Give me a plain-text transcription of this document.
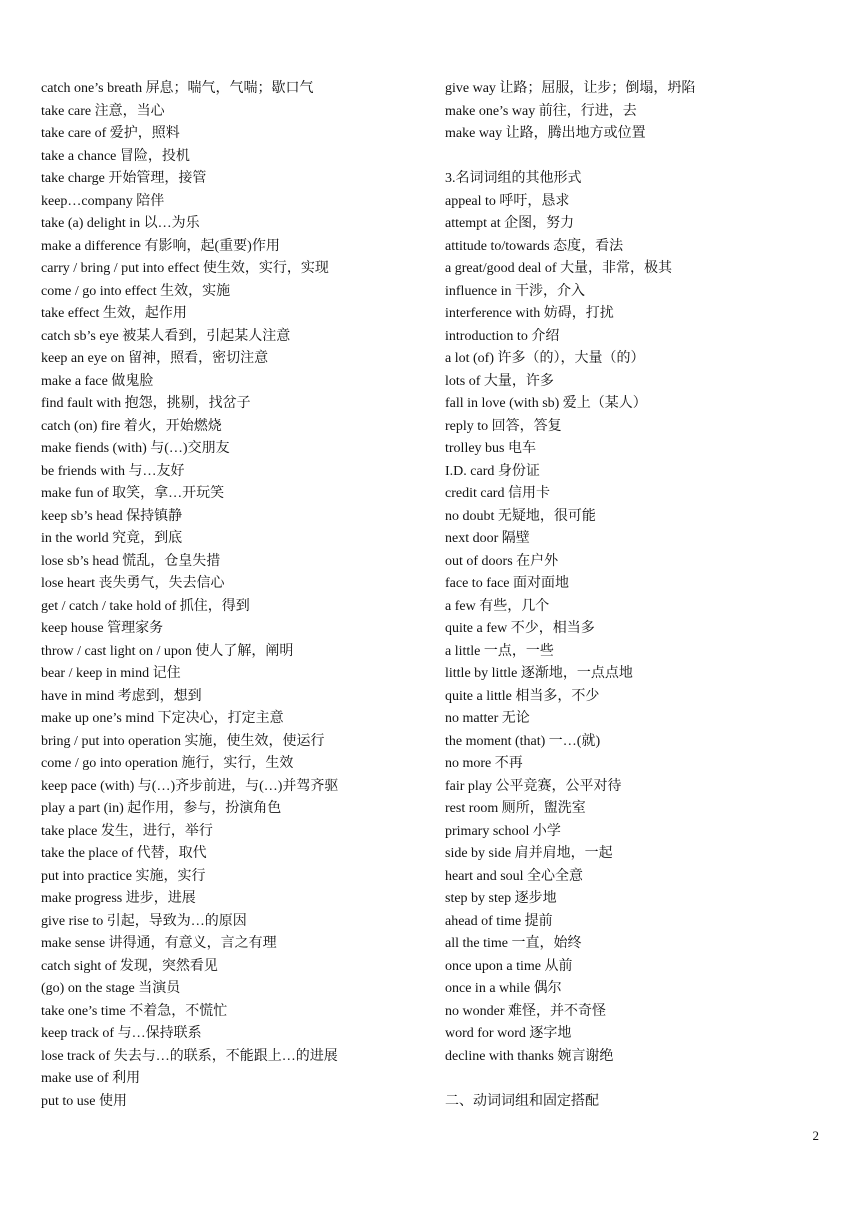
catch one’s breath 屏息；喘气，气喘；歇口气
take care 注意，当心
take care of 爱护，照料
take a chance 冒险，投机
take charge 开始管理，接管
keep…company 陪伴
take (a) delight in 以…为乐
make a difference 有影响，起(重要)作用
carry / bring / put into effect 使生效，实行，实现
come / go into effect 生效，实施
take effect 生效，起作用
catch sb’s eye 被某人看到，引起某人注意
keep an eye on 留神，照看，密切注意
make a face 做鬼脸
find fault with 抱怨，挑剔，找岔子
catch (on) fire 着火，开始燃烧
make fiends (with) 与(…)交朋友
be friends with 与…友好
make fun of 取笑，拿…开玩笑
keep sb’s head 保持镇静
in the world 究竟，到底
lose sb’s head 慌乱，仓皇失措
lose heart 丧失勇气，失去信心
get / catch / take hold of 抓住，得到
keep house 管理家务
throw / cast light on / upon 使人了解，阐明
bear / keep in mind 记住
have in mind 考虑到，想到
make up one’s mind 下定决心，打定主意
bring / put into operation 实施，使生效，使运行
come / go into operation 施行，实行，生效
keep pace (with) 与(…)齐步前进，与(…)并驾齐驱
play a part (in) 起作用，参与，扮演角色
take place 发生，进行，举行
take the place of 代替，取代
put into practice 实施，实行
make progress 进步，进展
give rise to 引起，导致为…的原因
make sense 讲得通，有意义，言之有理
catch sight of 发现，突然看见
(go) on the stage 当演员
take one’s time 不着急，不慌忙
keep track of 与…保持联系
lose track of 失去与…的联系，不能跟上…的进展
make use of 利用
put to use 使用
give way 让路；屈服，让步；倒塌，坍陷
make one’s way 前往，行进，去
make way 让路，腾出地方或位置
3.名词词组的其他形式
appeal to 呼吁，恳求
attempt at 企图，努力
attitude to/towards 态度，看法
a great/good deal of 大量，非常，极其
influence in 干涉，介入
interference with 妨碍，打扰
introduction to 介绍
a lot (of) 许多（的），大量（的）
lots of 大量，许多
fall in love (with sb) 爱上（某人）
reply to 回答，答复
trolley bus 电车
I.D. card 身份证
credit card 信用卡
no doubt 无疑地，很可能
next door 隔壁
out of doors 在户外
face to face 面对面地
a few 有些，几个
quite a few 不少，相当多
a little 一点，一些
little by little 逐渐地，一点点地
quite a little 相当多，不少
no matter 无论
the moment (that) 一…(就)
no more 不再
fair play 公平竞赛，公平对待
rest room 厕所，盥洗室
primary school 小学
side by side 肩并肩地，一起
heart and soul 全心全意
step by step 逐步地
ahead of time 提前
all the time 一直，始终
once upon a time 从前
once in a while 偶尔
no wonder 难怪，并不奇怪
word for word 逐字地
decline with thanks 婉言谢绝
二、动词词组和固定搭配
2
